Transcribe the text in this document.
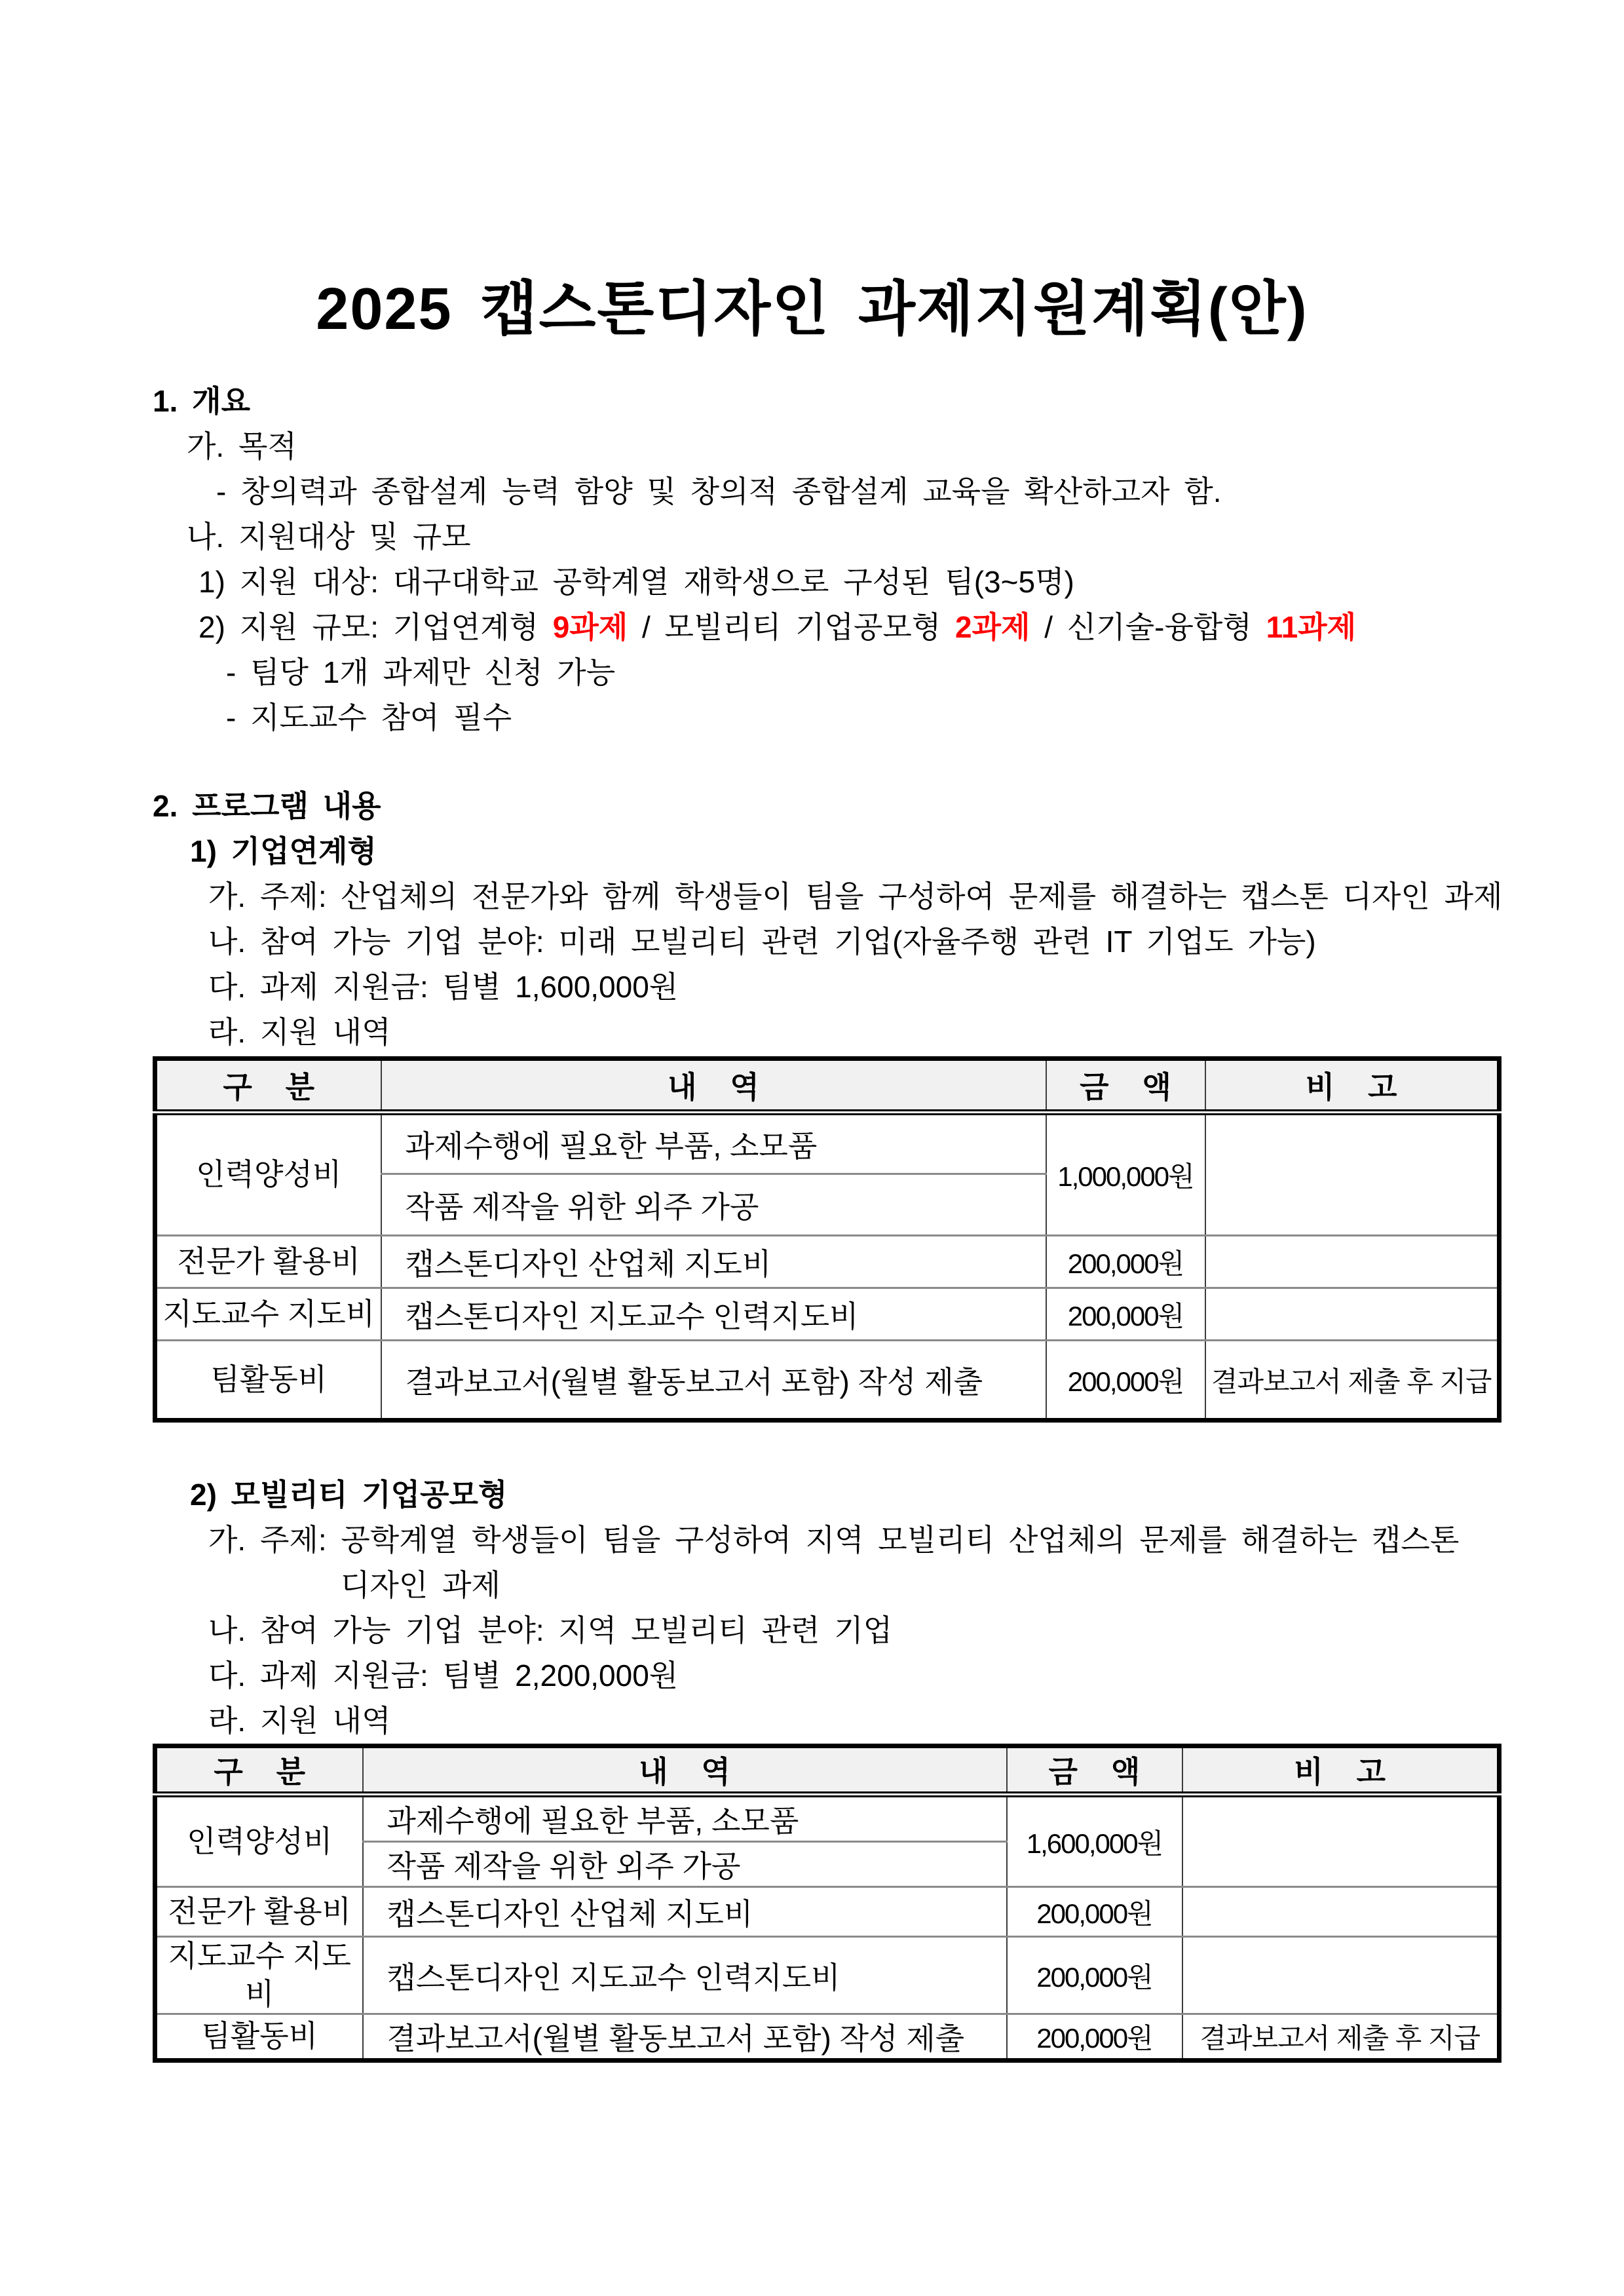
2025 캡스톤디자인 과제지원계획(안)
1. 개요
가. 목적
- 창의력과 종합설계 능력 함양 및 창의적 종합설계 교육을 확산하고자 함.
나. 지원대상 및 규모
1) 지원 대상: 대구대학교 공학계열 재학생으로 구성된 팀(3~5명)
2) 지원 규모: 기업연계형 9과제 / 모빌리티 기업공모형 2과제 / 신기술-융합형 11과제
- 팀당 1개 과제만 신청 가능
- 지도교수 참여 필수
2. 프로그램 내용
1) 기업연계형
가. 주제: 산업체의 전문가와 함께 학생들이 팀을 구성하여 문제를 해결하는 캡스톤 디자인 과제
나. 참여 가능 기업 분야: 미래 모빌리티 관련 기업(자율주행 관련 IT 기업도 가능)
다. 과제 지원금: 팀별 1,600,000원
라. 지원 내역
구 분	내 역	금 액	비 고
인력양성비	과제수행에 필요한 부품, 소모품	1,000,000원	
	작품 제작을 위한 외주 가공		
전문가 활용비	캡스톤디자인 산업체 지도비	200,000원	
지도교수 지도비	캡스톤디자인 지도교수 인력지도비	200,000원	
팀활동비	결과보고서(월별 활동보고서 포함) 작성 제출	200,000원	결과보고서 제출 후 지급
2) 모빌리티 기업공모형
가. 주제: 공학계열 학생들이 팀을 구성하여 지역 모빌리티 산업체의 문제를 해결하는 캡스톤
디자인 과제
나. 참여 가능 기업 분야: 지역 모빌리티 관련 기업
다. 과제 지원금: 팀별 2,200,000원
라. 지원 내역
구 분	내 역	금 액	비 고
인력양성비	과제수행에 필요한 부품, 소모품	1,600,000원	
	작품 제작을 위한 외주 가공		
전문가 활용비	캡스톤디자인 산업체 지도비	200,000원	
지도교수 지도비	캡스톤디자인 지도교수 인력지도비	200,000원	
팀활동비	결과보고서(월별 활동보고서 포함) 작성 제출	200,000원	결과보고서 제출 후 지급
